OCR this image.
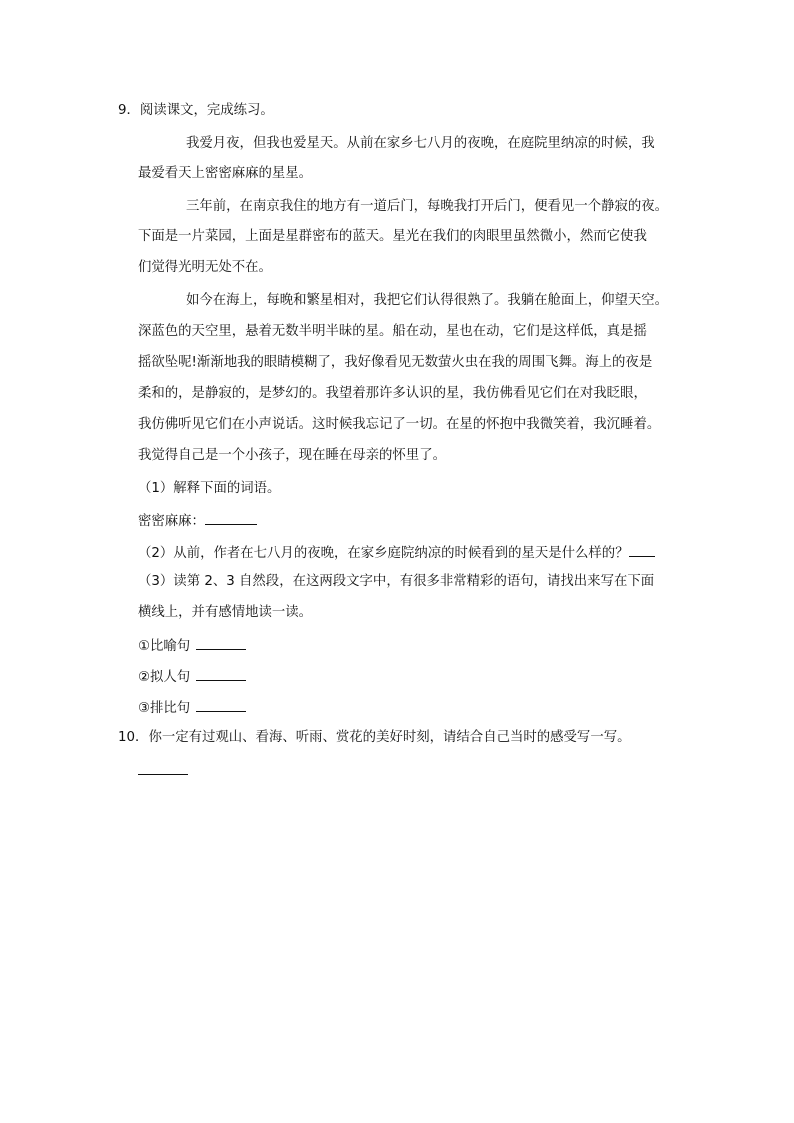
9．阅读课文，完成练习。
我爱月夜，但我也爱星天。从前在家乡七八月的夜晚，在庭院里纳凉的时候，我
最爱看天上密密麻麻的星星。
三年前，在南京我住的地方有一道后门，每晚我打开后门，便看见一个静寂的夜。
下面是一片菜园，上面是星群密布的蓝天。星光在我们的肉眼里虽然微小，然而它使我
们觉得光明无处不在。
如今在海上，每晚和繁星相对，我把它们认得很熟了。我躺在舱面上，仰望天空。
深蓝色的天空里，悬着无数半明半昧的星。船在动，星也在动，它们是这样低，真是摇
摇欲坠呢!渐渐地我的眼睛模糊了，我好像看见无数萤火虫在我的周围飞舞。海上的夜是
柔和的，是静寂的，是梦幻的。我望着那许多认识的星，我仿佛看见它们在对我眨眼，
我仿佛听见它们在小声说话。这时候我忘记了一切。在星的怀抱中我微笑着，我沉睡着。
我觉得自己是一个小孩子，现在睡在母亲的怀里了。
（1）解释下面的词语。
密密麻麻：
（2）从前，作者在七八月的夜晚，在家乡庭院纳凉的时候看到的星天是什么样的？
（3）读第 2、3 自然段，在这两段文字中，有很多非常精彩的语句，请找出来写在下面
横线上，并有感情地读一读。
①比喻句
②拟人句
③排比句
10．你一定有过观山、看海、听雨、赏花的美好时刻，请结合自己当时的感受写一写。
